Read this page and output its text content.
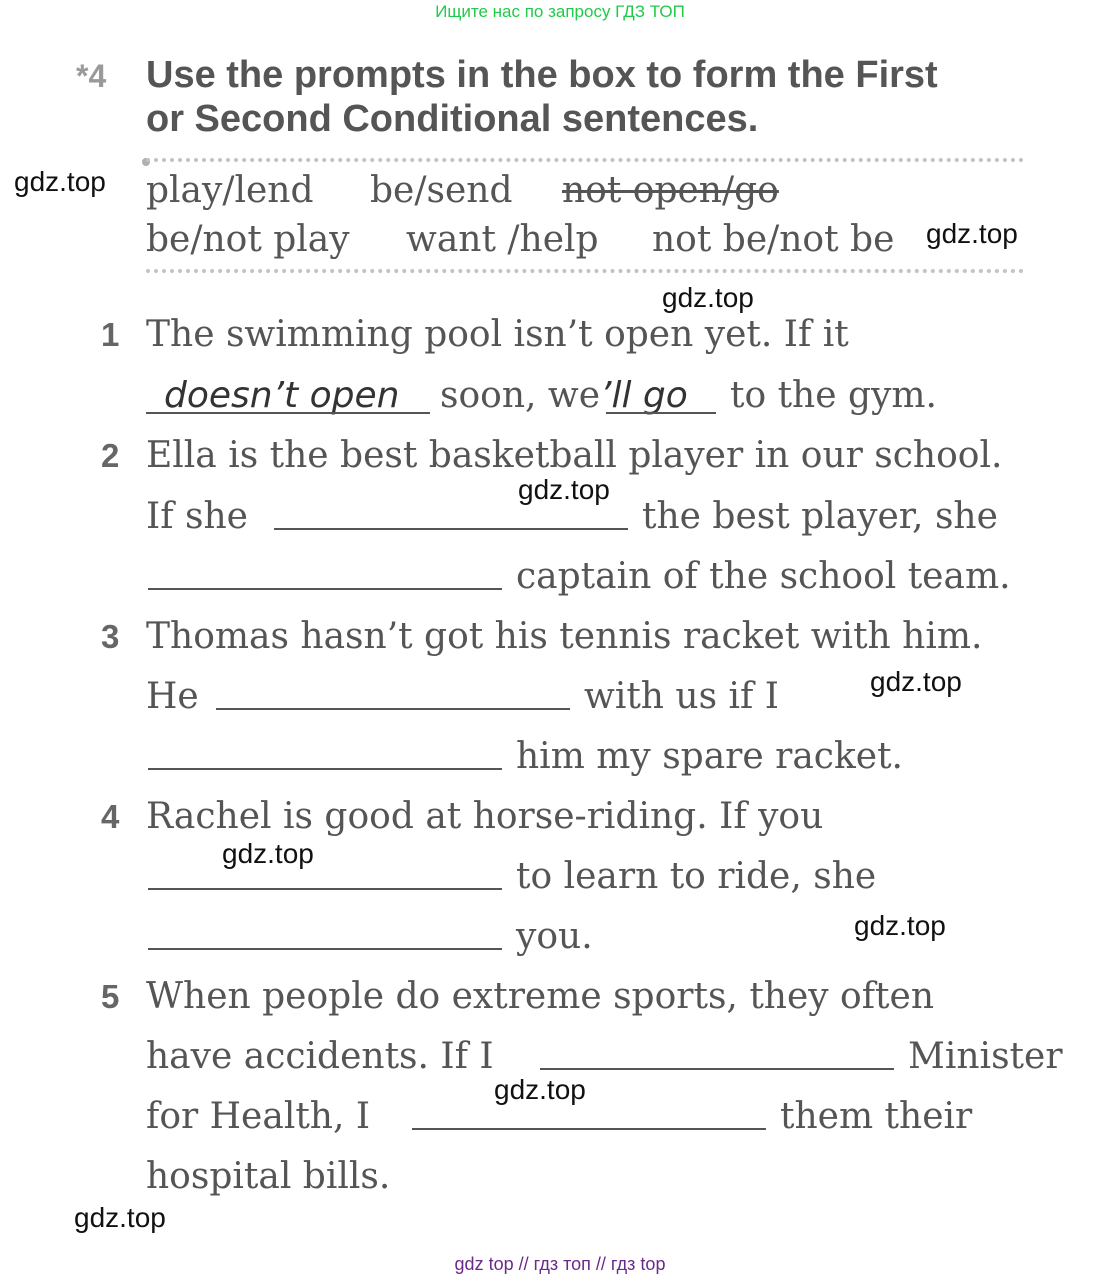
Ищите нас по запросу ГДЗ ТОП
*4 Use the prompts in the box to form the First
or Second Conditional sentences.
play/lend be/send not open/go
be/not play want /help not be/not be
1 The swimming pool isn’t open yet. If it
doesn’t open soon, we ’ll go to the gym.
2 Ella is the best basketball player in our school.
If she	the best player, she
captain of the school team.
3 Thomas hasn’t got his tennis racket with him.
He	with us if I
him my spare racket.
4 Rachel is good at horse-riding. If you
to learn to ride, she
you.
5 When people do extreme sports, they often
have accidents. If I	Minister
for Health, I	them their
hospital bills.
gdz.top
gdz.top
gdz.top
gdz.top
gdz.top
gdz.top
gdz.top
gdz.top
gdz.top
gdz top // гдз топ // гдз top
